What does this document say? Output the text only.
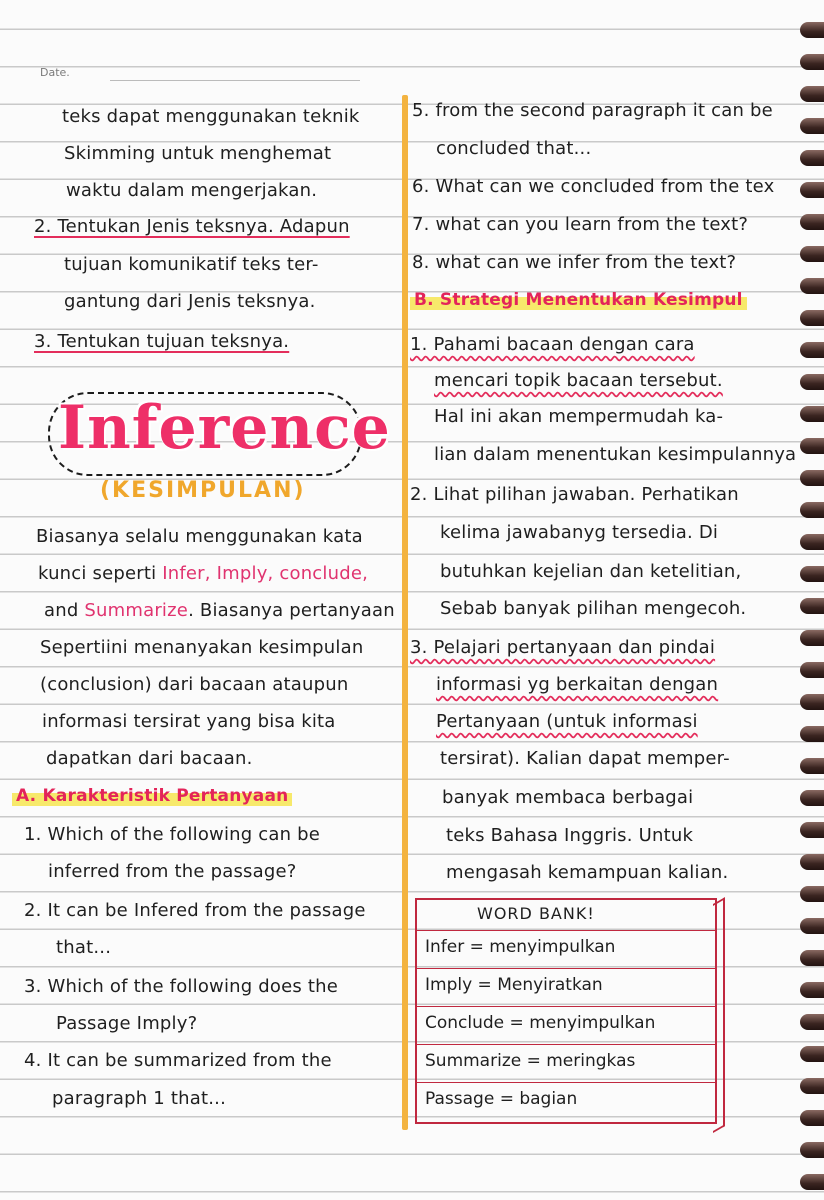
Date.
teks dapat menggunakan teknik
Skimming untuk menghemat
waktu dalam mengerjakan.
2. Tentukan Jenis teksnya. Adapun
tujuan komunikatif teks ter-
gantung dari Jenis teksnya.
3. Tentukan tujuan teksnya.
Inference
(KESIMPULAN)
Biasanya selalu menggunakan kata
kunci seperti Infer, Imply, conclude,
and Summarize. Biasanya pertanyaan
Sepertiini menanyakan kesimpulan
(conclusion) dari bacaan ataupun
informasi tersirat yang bisa kita
dapatkan dari bacaan.
A. Karakteristik Pertanyaan
1. Which of the following can be
inferred from the passage?
2. It can be Infered from the passage
that...
3. Which of the following does the
Passage Imply?
4. It can be summarized from the
paragraph 1 that...
5. from the second paragraph it can be
concluded that...
6. What can we concluded from the tex
7. what can you learn from the text?
8. what can we infer from the text?
B. Strategi Menentukan Kesimpul
1. Pahami bacaan dengan cara
mencari topik bacaan tersebut.
Hal ini akan mempermudah ka-
lian dalam menentukan kesimpulannya
2. Lihat pilihan jawaban. Perhatikan
kelima jawabanyg tersedia. Di
butuhkan kejelian dan ketelitian,
Sebab banyak pilihan mengecoh.
3. Pelajari pertanyaan dan pindai
informasi yg berkaitan dengan
Pertanyaan (untuk informasi
tersirat). Kalian dapat memper-
banyak membaca berbagai
teks Bahasa Inggris. Untuk
mengasah kemampuan kalian.
WORD BANK!
Infer = menyimpulkan
Imply = Menyiratkan
Conclude = menyimpulkan
Summarize = meringkas
Passage = bagian
